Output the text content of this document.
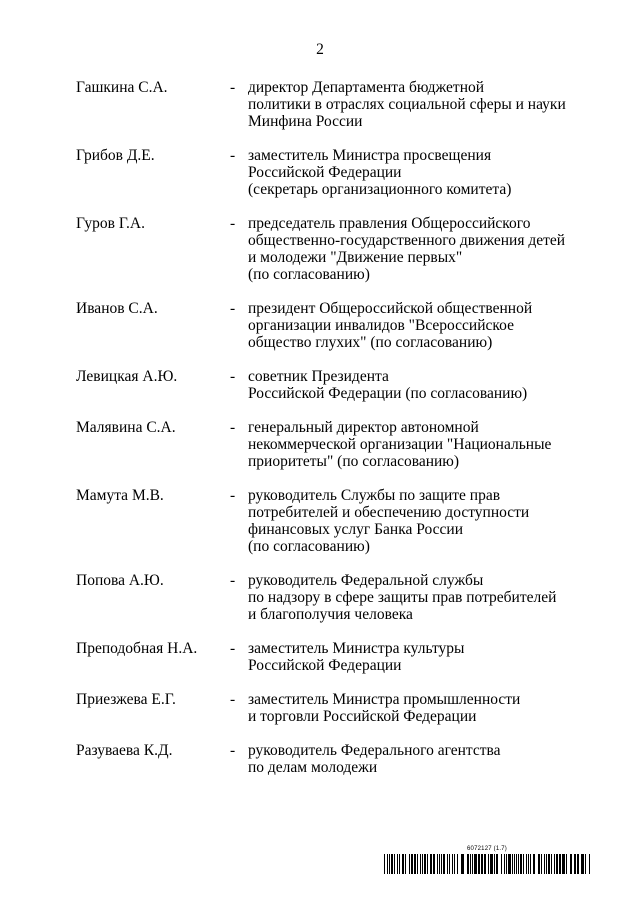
2
Гашкина С.А.	- директор Департамента бюджетной
политики в отраслях социальной сферы и науки
Минфина России
Грибов Д.Е.	- заместитель Министра просвещения
Российской Федерации
(секретарь организационного комитета)
Гуров Г.А.	- председатель правления Общероссийского
общественно-государственного движения детей
и молодежи "Движение первых"
(по согласованию)
Иванов С.А.	- президент Общероссийской общественной
организации инвалидов "Всероссийское
общество глухих" (по согласованию)
Левицкая А.Ю.	- советник Президента
Российской Федерации (по согласованию)
Малявина С.А.	- генеральный директор автономной
некоммерческой организации "Национальные
приоритеты" (по согласованию)
Мамута М.В.	- руководитель Службы по защите прав
потребителей и обеспечению доступности
финансовых услуг Банка России
(по согласованию)
Попова А.Ю.	- руководитель Федеральной службы
по надзору в сфере защиты прав потребителей
и благополучия человека
Преподобная Н.А. - заместитель Министра культуры
Российской Федерации
Приезжева Е.Г.	- заместитель Министра промышленности
и торговли Российской Федерации
Разуваева К.Д.	- руководитель Федерального агентства
по делам молодежи
6072127 (1.7)
